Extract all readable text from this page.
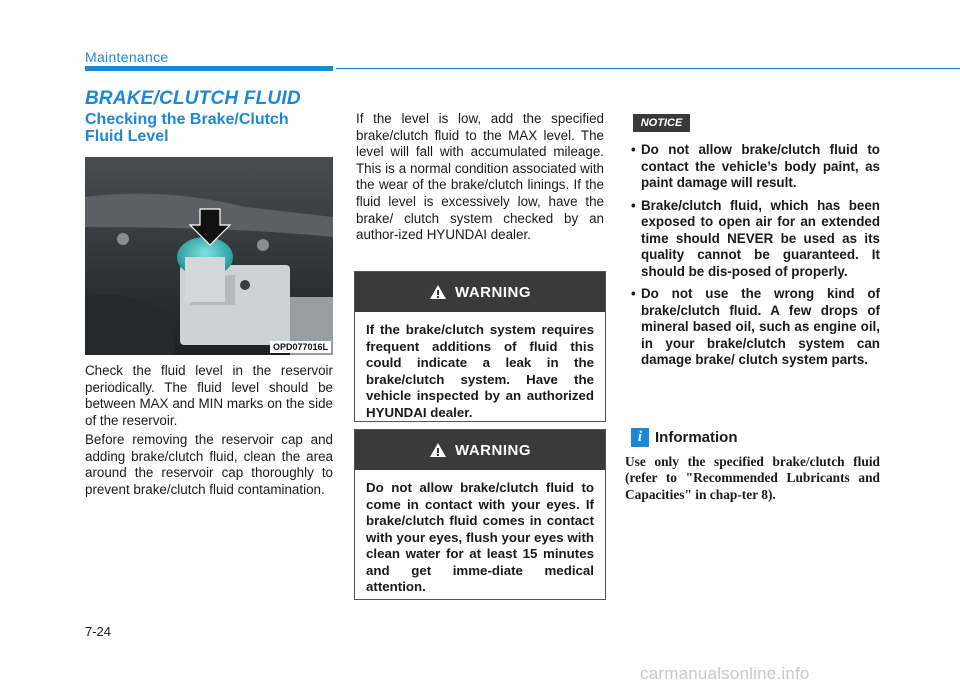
Maintenance
BRAKE/CLUTCH FLUID
Checking the Brake/Clutch Fluid Level
OPD077016L

Check the fluid level in the reservoir periodically. The fluid level should be between MAX and MIN marks on the side of the reservoir.

Before removing the reservoir cap and adding brake/clutch fluid, clean the area around the reservoir cap thoroughly to prevent brake/clutch fluid contamination.

If the level is low, add the specified brake/clutch fluid to the MAX level. The level will fall with accumulated mileage. This is a normal condition associated with the wear of the brake/clutch linings. If the fluid level is excessively low, have the brake/ clutch system checked by an author-ized HYUNDAI dealer.

WARNING
If the brake/clutch system requires frequent additions of fluid this could indicate a leak in the brake/clutch system. Have the vehicle inspected by an authorized HYUNDAI dealer.
WARNING
Do not allow brake/clutch fluid to come in contact with your eyes. If brake/clutch fluid comes in contact with your eyes, flush your eyes with clean water for at least 15 minutes and get imme-diate medical attention.
NOTICE
• Do not allow brake/clutch fluid to contact the vehicle’s body paint, as paint damage will result.
• Brake/clutch fluid, which has been exposed to open air for an extended time should NEVER be used as its quality cannot be guaranteed. It should be dis-posed of properly.
• Do not use the wrong kind of brake/clutch fluid. A few drops of mineral based oil, such as engine oil, in your brake/clutch system can damage brake/ clutch system parts.
i Information
Use only the specified brake/clutch fluid (refer to "Recommended Lubricants and Capacities" in chap-ter 8).
7-24
carmanualsonline.info
